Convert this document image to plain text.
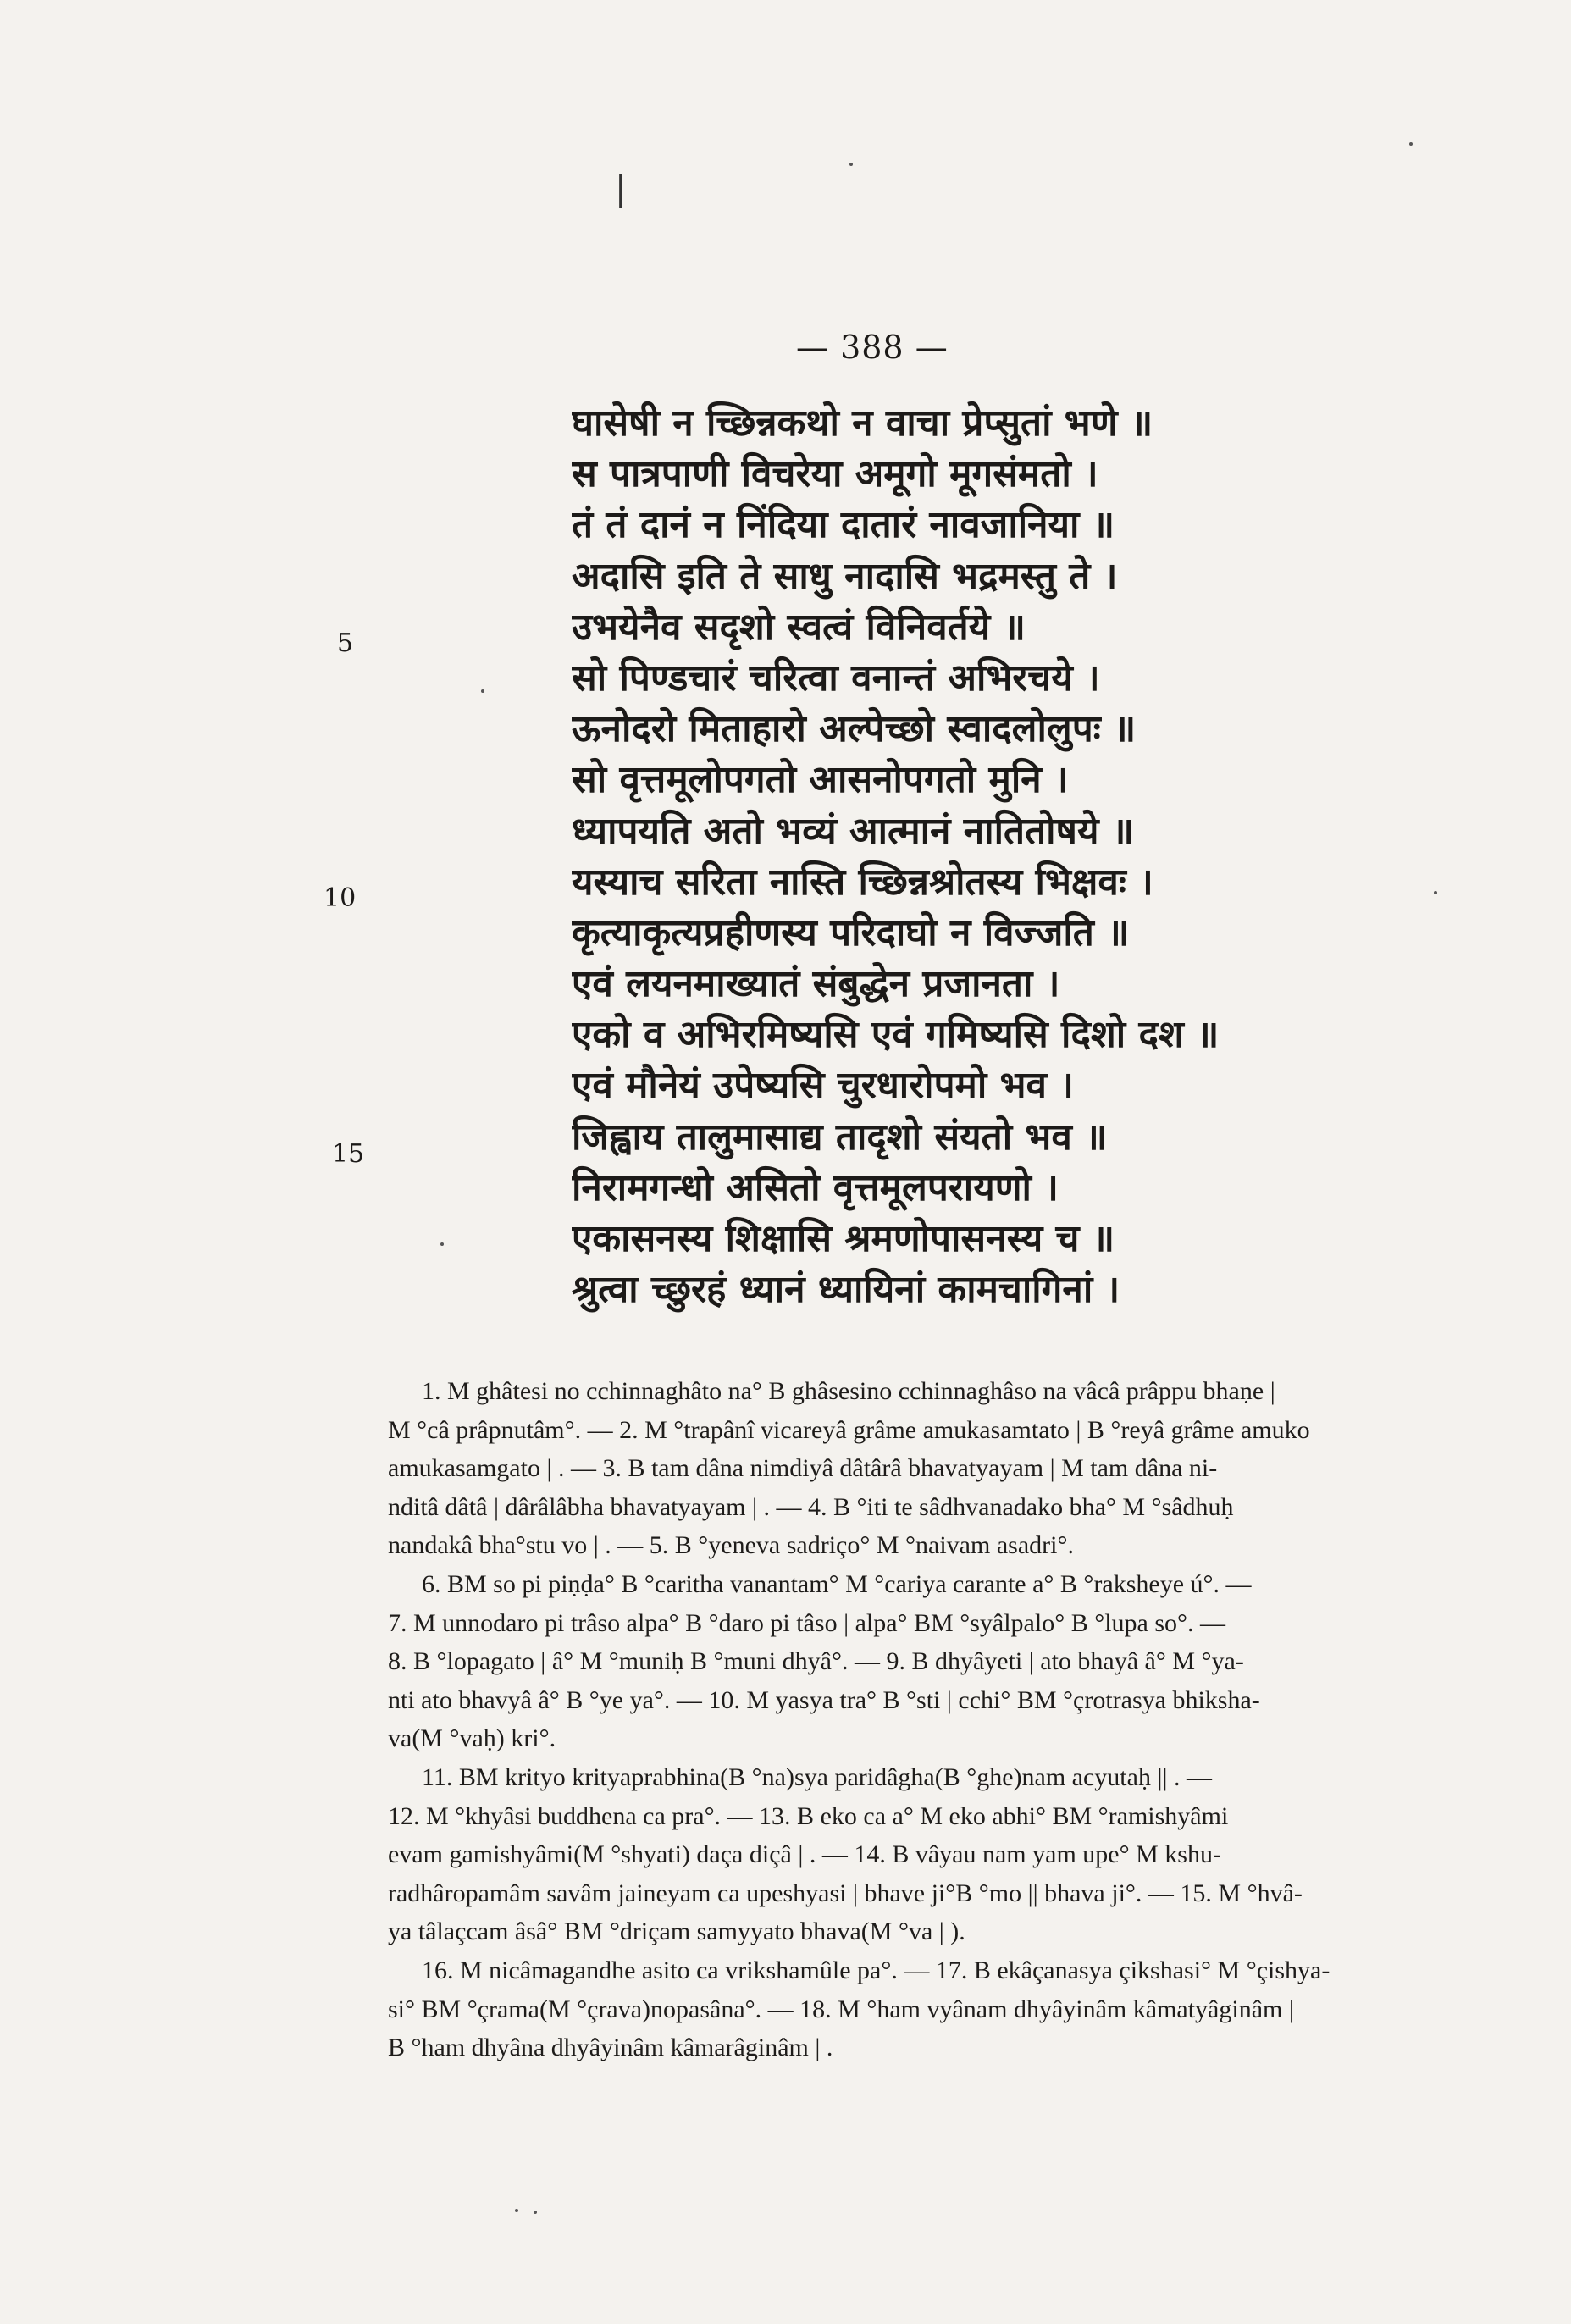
|
— 388 —
घासेषी न च्छिन्नकथो न वाचा प्रेप्सुतां भणे ॥
स पात्रपाणी विचरेया अमूगो मूगसंमतो ।
तं तं दानं न निंदिया दातारं नावजानिया ॥
अदासि इति ते साधु नादासि भद्रमस्तु ते ।
उभयेनैव सदृशो स्वत्वं विनिवर्तये ॥
सो पिण्डचारं चरित्वा वनान्तं अभिरचये ।
ऊनोदरो मिताहारो अल्पेच्छो स्वादलोलुपः ॥
सो वृत्तमूलोपगतो आसनोपगतो मुनि ।
ध्यापयति अतो भव्यं आत्मानं नातितोषये ॥
यस्याच सरिता नास्ति च्छिन्नश्रोतस्य भिक्षवः ।
कृत्याकृत्यप्रहीणस्य परिदाघो न विज्जति ॥
एवं लयनमाख्यातं संबुद्धेन प्रजानता ।
एको व अभिरमिष्यसि एवं गमिष्यसि दिशो दश ॥
एवं मौनेयं उपेष्यसि चुरधारोपमो भव ।
जिह्वाय तालुमासाद्य तादृशो संयतो भव ॥
निरामगन्धो असितो वृत्तमूलपरायणो ।
एकासनस्य शिक्षासि श्रमणोपासनस्य च ॥
श्रुत्वा च्छुरहं ध्यानं ध्यायिनां कामचागिनां ।
5
10
15
1. M ghâtesi no cchinnaghâto na° B ghâsesino cchinnaghâso na vâcâ prâppu bhaṇe |
M °câ prâpnutâm°. — 2. M °trapânî vicareyâ grâme amukasamtato | B °reyâ grâme amuko
amukasamgato | . — 3. B tam dâna nimdiyâ dâtârâ bhavatyayam | M tam dâna ni-
nditâ dâtâ | dârâlâbha bhavatyayam | . — 4. B °iti te sâdhvanadako bha° M °sâdhuḥ
nandakâ bha°stu vo | . — 5. B °yeneva sadriço° M °naivam asadri°.
6. BM so pi piṇḍa° B °caritha vanantam° M °cariya carante a° B °raksheye ú°. —
7. M unnodaro pi trâso alpa° B °daro pi tâso | alpa° BM °syâlpalo° B °lupa so°. —
8. B °lopagato | â° M °muniḥ B °muni dhyâ°. — 9. B dhyâyeti | ato bhayâ â° M °ya-
nti ato bhavyâ â° B °ye ya°. — 10. M yasya tra° B °sti | cchi° BM °çrotrasya bhiksha-
va(M °vaḥ) kri°.
11. BM krityo krityaprabhina(B °na)sya paridâgha(B °ghe)nam acyutaḥ || . —
12. M °khyâsi buddhena ca pra°. — 13. B eko ca a° M eko abhi° BM °ramishyâmi
evam gamishyâmi(M °shyati) daça diçâ | . — 14. B vâyau nam yam upe° M kshu-
radhâropamâm savâm jaineyam ca upeshyasi | bhave ji°B °mo || bhava ji°. — 15. M °hvâ-
ya tâlaçcam âsâ° BM °driçam samyyato bhava(M °va | ).
16. M nicâmagandhe asito ca vrikshamûle pa°. — 17. B ekâçanasya çikshasi° M °çishya-
si° BM °çrama(M °çrava)nopasâna°. — 18. M °ham vyânam dhyâyinâm kâmatyâginâm |
B °ham dhyâna dhyâyinâm kâmarâginâm | .
